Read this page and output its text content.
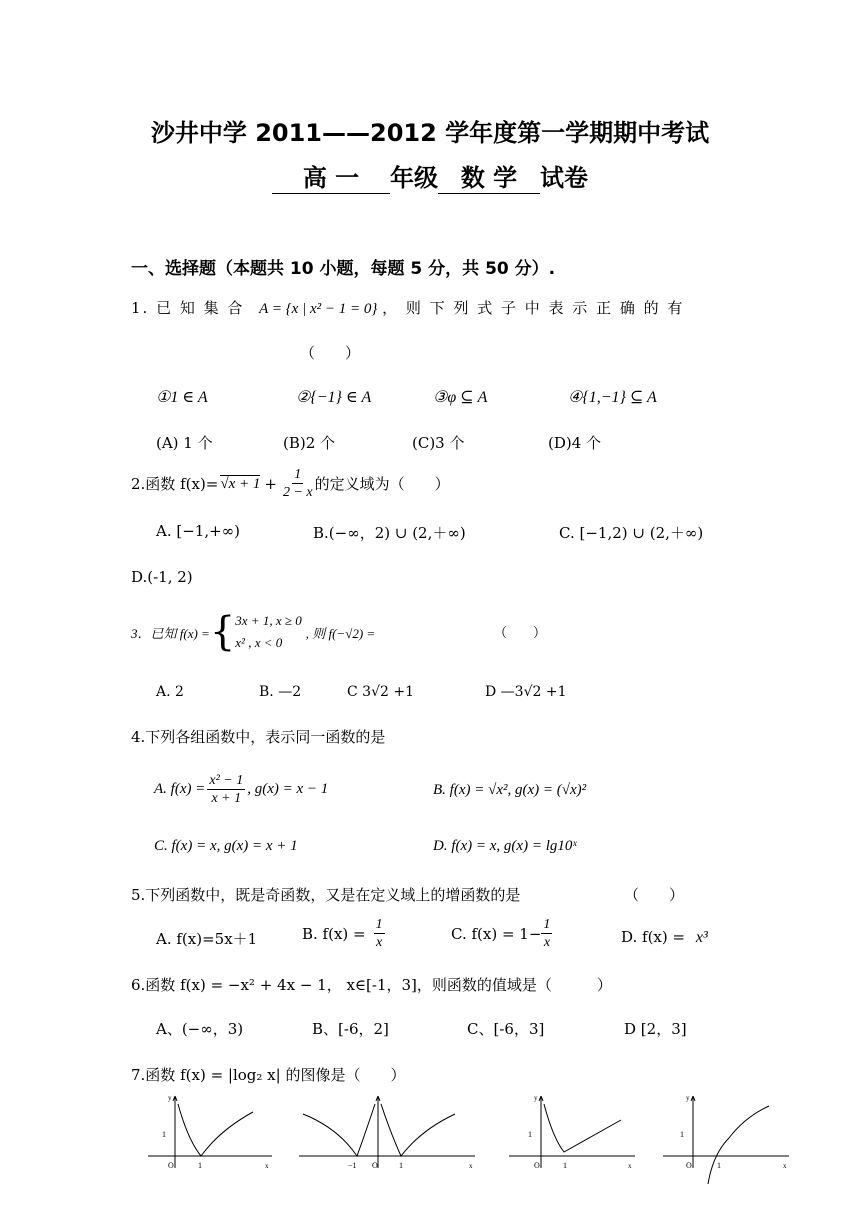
沙井中学 2011——2012 学年度第一学期期中考试
高 一 年级 数 学 试卷
一、选择题（本题共 10 小题，每题 5 分，共 50 分）.
1. 已 知 集 合 A = {x | x² − 1 = 0} ， 则 下 列 式 子 中 表 示 正 确 的 有
（　　）
①1 ∈ A	②{−1} ∈ A	③φ ⊆ A	④{1,−1} ⊆ A
(A) 1 个	(B)2 个	(C)3 个	(D)4 个
2.函数 $f(x)= √x + 1 + \frac{1}{2 - x}$ 的定义域为（　　）
A. [−1,+∞)	B.(−∞，2) ∪ (2,＋∞)	C. [−1,2) ∪ (2,＋∞)
D.(-1, 2)
3．已知 f(x) = { 3x + 1, x ≥ 0
x² , x < 0
, 则 f(−√2) =	（　　）
A. 2	B. —2	C 3√2 +1	D —3√2 +1
4.下列各组函数中，表示同一函数的是
A. $f(x) = \frac{\text{x² − 1}}{x + 1}$ , g(x) = x − 1	B. f(x) = √x², g(x) = (√x)²
C. f(x) = x, g(x) = x + 1	D. f(x) = x, g(x) = lg10ˣ
5.下列函数中，既是奇函数，又是在定义域上的增函数的是	（　　）
A. f(x)=5x＋1	B. $f(x) = \frac{1}{x}$	C. $f(x) = 1- \frac{1}{x}$	D. f(x) = x³
6.函数 f(x) = −x² + 4x − 1， x∈[-1，3]，则函数的值域是（　　　）
A、(−∞，3)	B、[-6，2]	C、[-6，3]	D [2，3]
7.函数 f(x) = |log₂ x| 的图像是（　　）
y
1
O	1	x	−1 O	1	x
y
1
O	1	x
y
1
O	1	x
